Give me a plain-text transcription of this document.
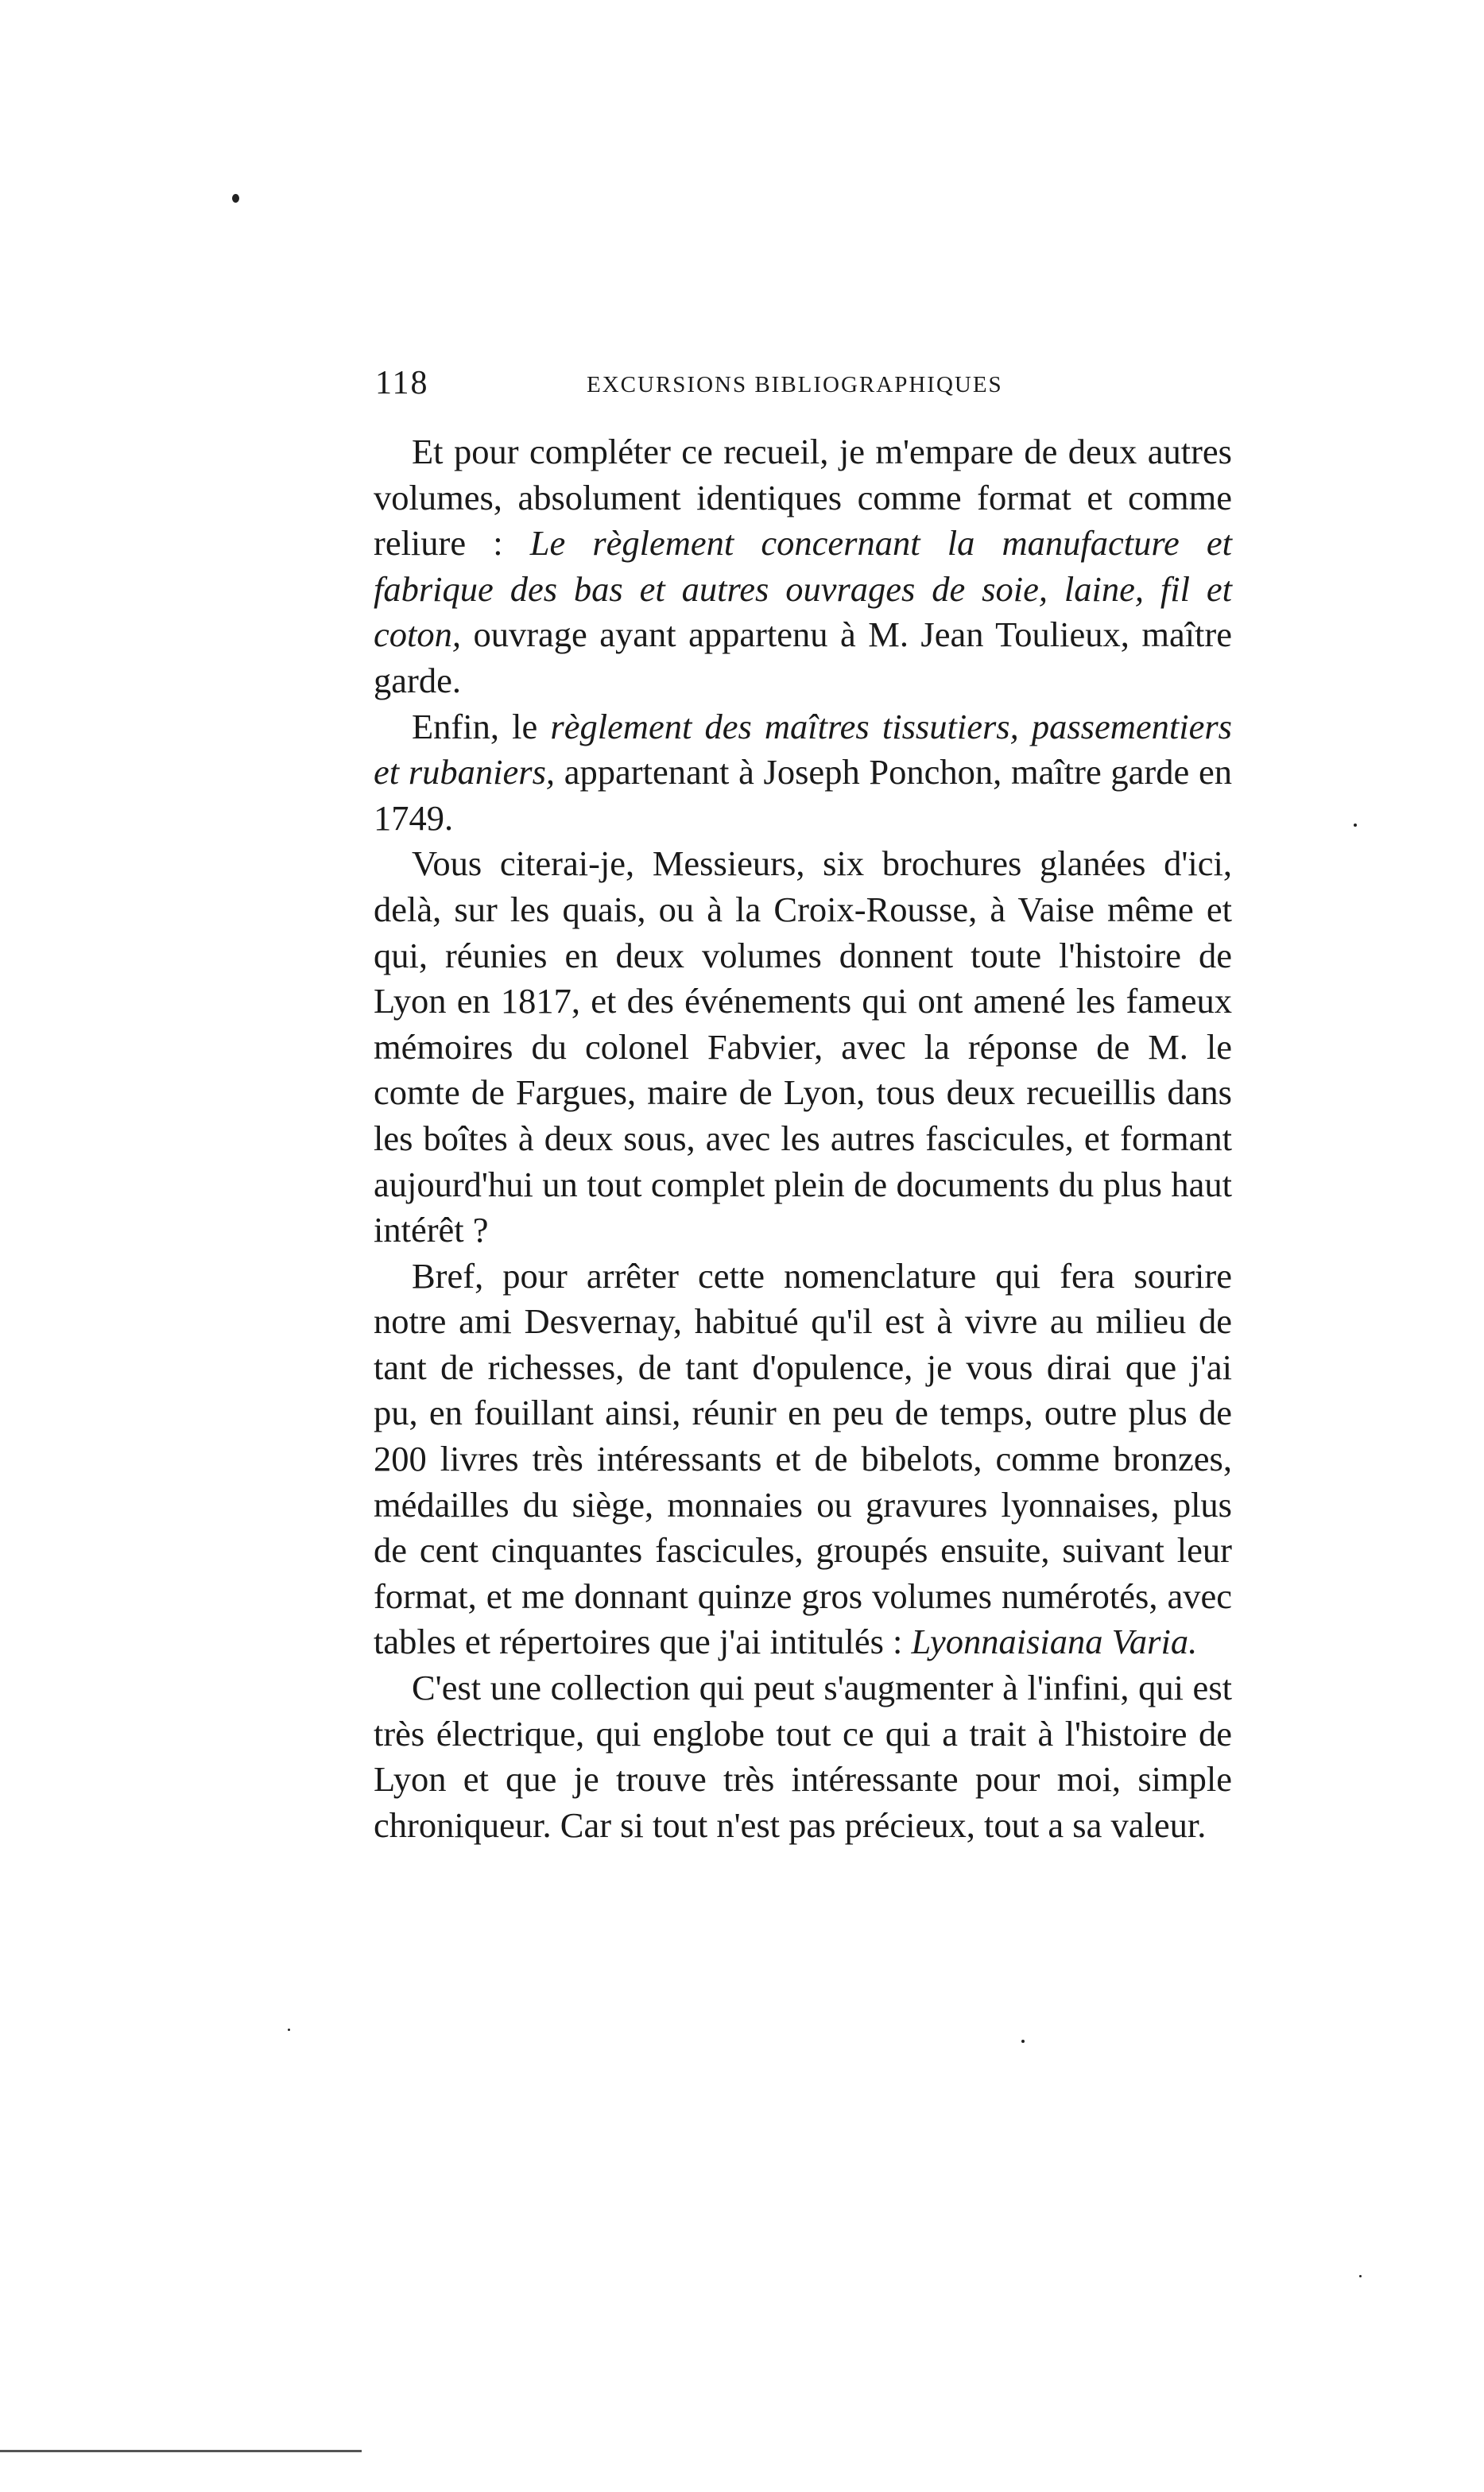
118	EXCURSIONS BIBLIOGRAPHIQUES

Et pour compléter ce recueil, je m'empare de deux autres volumes, absolument identiques comme format et comme reliure : Le règlement concernant la manufacture et fabrique des bas et autres ouvrages de soie, laine, fil et coton, ouvrage ayant appartenu à M. Jean Toulieux, maître garde.

Enfin, le règlement des maîtres tissutiers, passementiers et rubaniers, appartenant à Joseph Ponchon, maître garde en 1749.

Vous citerai-je, Messieurs, six brochures glanées d'ici, delà, sur les quais, ou à la Croix-Rousse, à Vaise même et qui, réunies en deux volumes donnent toute l'histoire de Lyon en 1817, et des événements qui ont amené les fameux mémoires du colonel Fabvier, avec la réponse de M. le comte de Fargues, maire de Lyon, tous deux recueillis dans les boîtes à deux sous, avec les autres fascicules, et formant aujourd'hui un tout complet plein de documents du plus haut intérêt ?

Bref, pour arrêter cette nomenclature qui fera sourire notre ami Desvernay, habitué qu'il est à vivre au milieu de tant de richesses, de tant d'opulence, je vous dirai que j'ai pu, en fouillant ainsi, réunir en peu de temps, outre plus de 200 livres très intéressants et de bibelots, comme bronzes, médailles du siège, monnaies ou gravures lyonnaises, plus de cent cinquantes fascicules, groupés ensuite, suivant leur format, et me donnant quinze gros volumes numérotés, avec tables et répertoires que j'ai intitulés : Lyonnaisiana Varia.

C'est une collection qui peut s'augmenter à l'infini, qui est très électrique, qui englobe tout ce qui a trait à l'histoire de Lyon et que je trouve très intéressante pour moi, simple chroniqueur. Car si tout n'est pas précieux, tout a sa valeur.
